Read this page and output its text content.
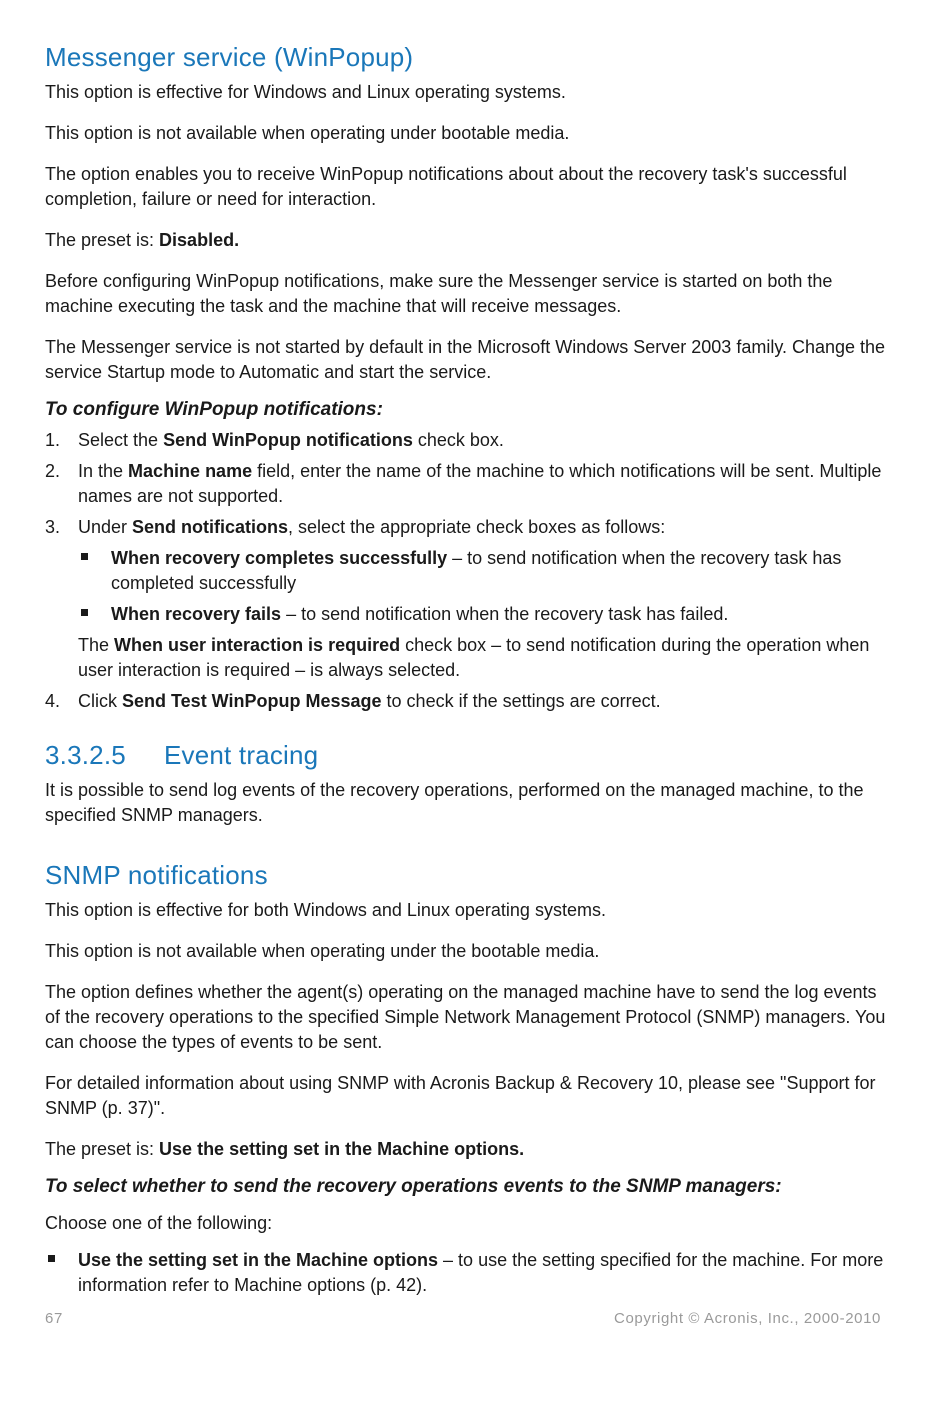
Messenger service (WinPopup)

This option is effective for Windows and Linux operating systems.

This option is not available when operating under bootable media.

The option enables you to receive WinPopup notifications about about the recovery task's successful completion, failure or need for interaction.

The preset is: Disabled.

Before configuring WinPopup notifications, make sure the Messenger service is started on both the machine executing the task and the machine that will receive messages.

The Messenger service is not started by default in the Microsoft Windows Server 2003 family. Change the service Startup mode to Automatic and start the service.

To configure WinPopup notifications:

1. Select the Send WinPopup notifications check box.
2. In the Machine name field, enter the name of the machine to which notifications will be sent. Multiple names are not supported.
3. Under Send notifications, select the appropriate check boxes as follows:
When recovery completes successfully – to send notification when the recovery task has completed successfully
When recovery fails – to send notification when the recovery task has failed.
The When user interaction is required check box – to send notification during the operation when user interaction is required – is always selected.
4. Click Send Test WinPopup Message to check if the settings are correct.
3.3.2.5	Event tracing

It is possible to send log events of the recovery operations, performed on the managed machine, to the specified SNMP managers.

SNMP notifications

This option is effective for both Windows and Linux operating systems.

This option is not available when operating under the bootable media.

The option defines whether the agent(s) operating on the managed machine have to send the log events of the recovery operations to the specified Simple Network Management Protocol (SNMP) managers. You can choose the types of events to be sent.

For detailed information about using SNMP with Acronis Backup & Recovery 10, please see "Support for SNMP (p. 37)".

The preset is: Use the setting set in the Machine options.

To select whether to send the recovery operations events to the SNMP managers:

Choose one of the following:

Use the setting set in the Machine options – to use the setting specified for the machine. For more information refer to Machine options (p. 42).
67	Copyright © Acronis, Inc., 2000-2010
